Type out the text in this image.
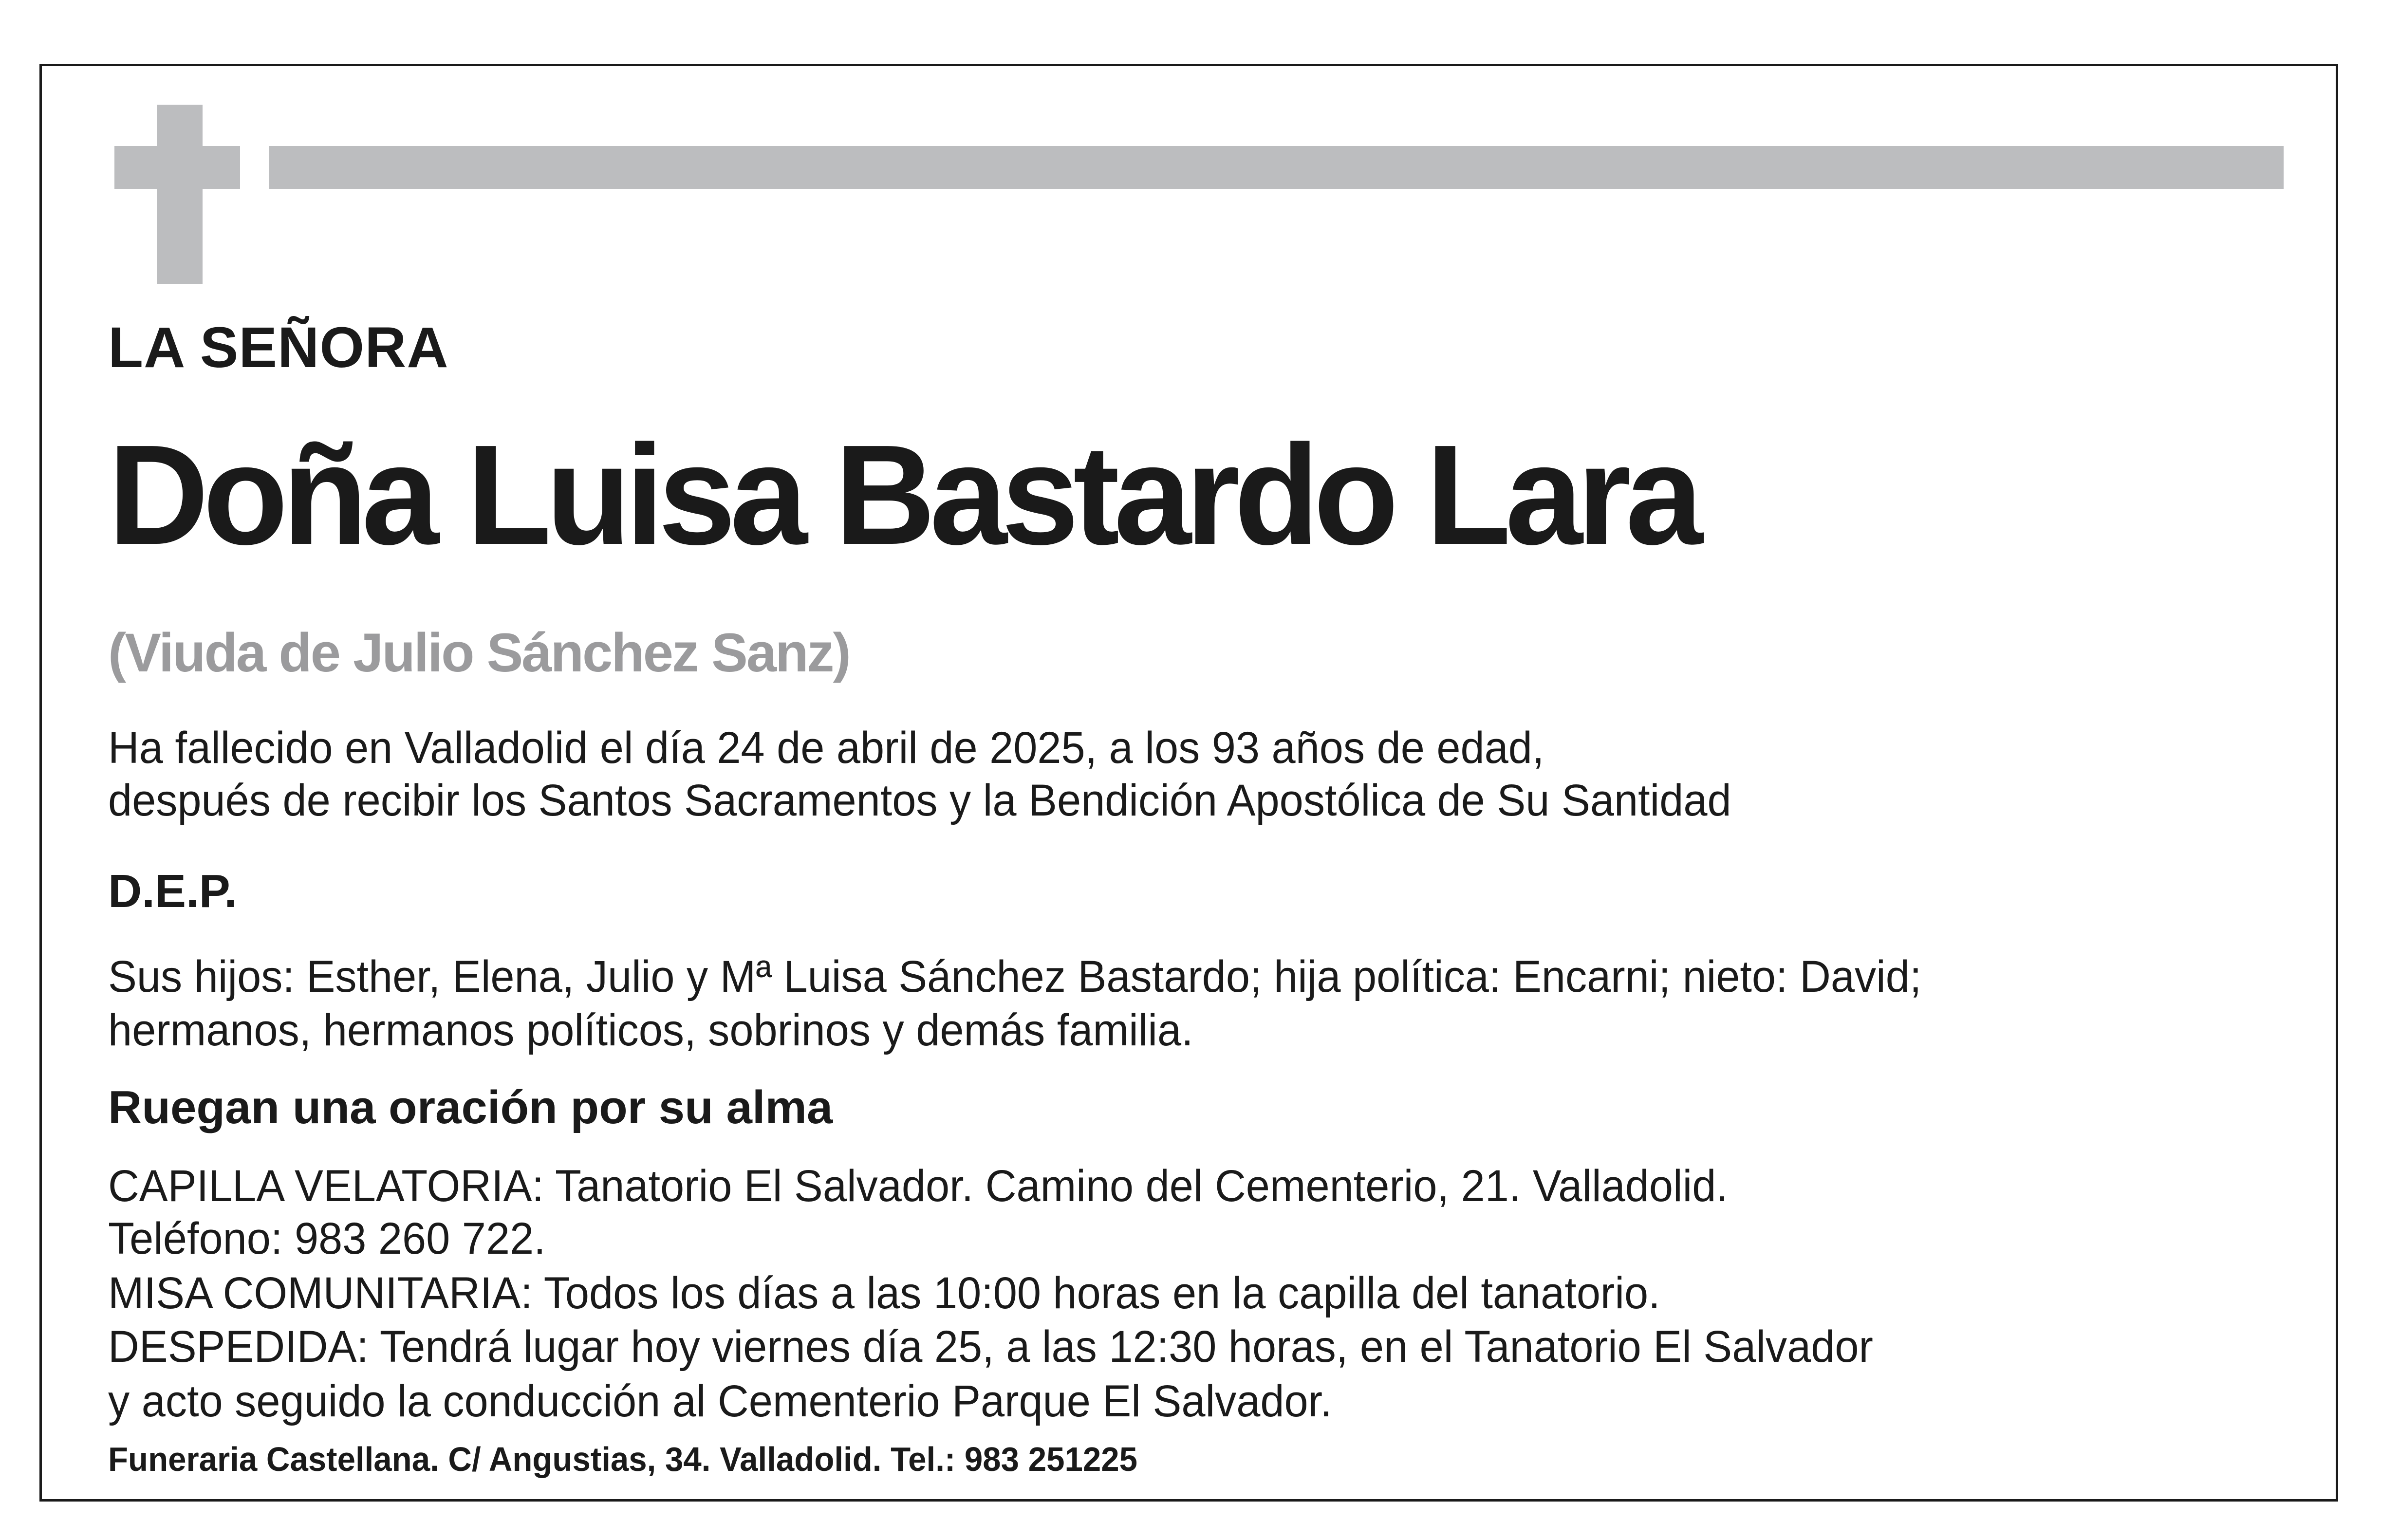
LA SEÑORA
Doña Luisa Bastardo Lara
(Viuda de Julio Sánchez Sanz)
Ha fallecido en Valladolid el día 24 de abril de 2025, a los 93 años de edad,
después de recibir los Santos Sacramentos y la Bendición Apostólica de Su Santidad
D.E.P.
Sus hijos: Esther, Elena, Julio y Mª Luisa Sánchez Bastardo; hija política: Encarni; nieto: David;
hermanos, hermanos políticos, sobrinos y demás familia.
Ruegan una oración por su alma
CAPILLA VELATORIA: Tanatorio El Salvador. Camino del Cementerio, 21. Valladolid.
Teléfono: 983 260 722.
MISA COMUNITARIA: Todos los días a las 10:00 horas en la capilla del tanatorio.
DESPEDIDA: Tendrá lugar hoy viernes día 25, a las 12:30 horas, en el Tanatorio El Salvador
y acto seguido la conducción al Cementerio Parque El Salvador.
Funeraria Castellana. C/ Angustias, 34. Valladolid. Tel.: 983 251225
